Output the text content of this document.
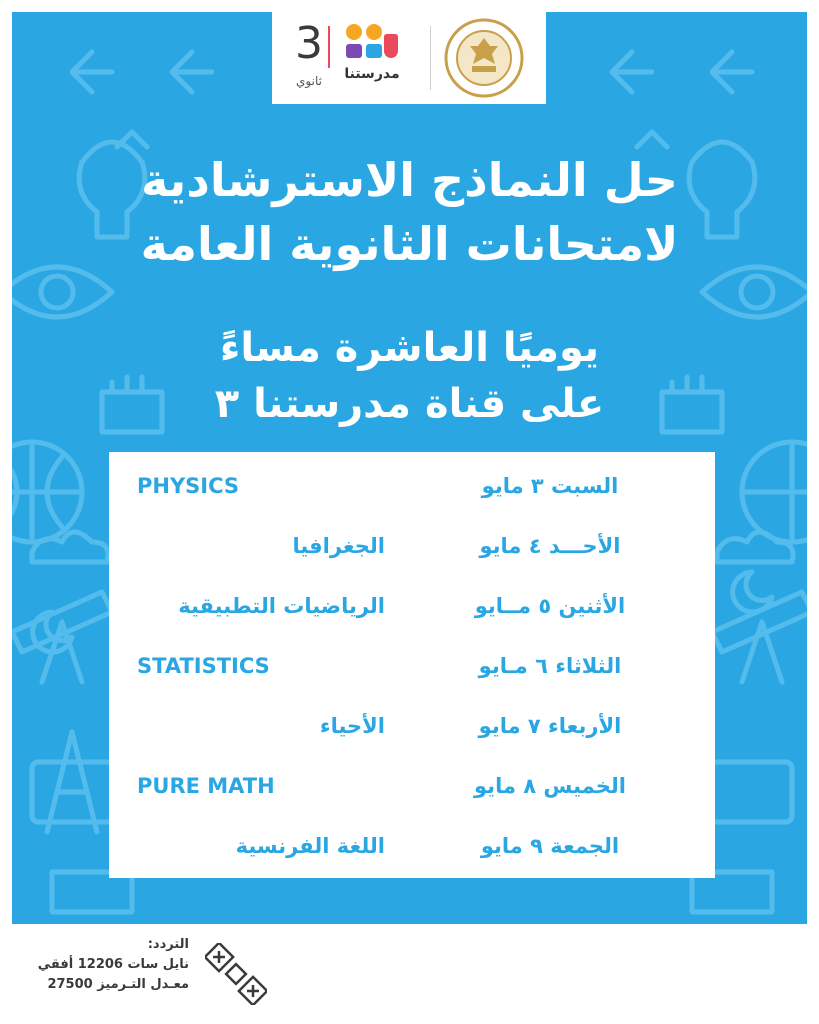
مدرستنا
3
ثانوي
حل النماذج الاسترشادية
لامتحانات الثانوية العامة
يوميًا العاشرة مساءً
على قناة مدرستنا ٣
السبت ٣ مايو
PHYSICS
الأحـــد ٤ مايو
الجغرافيا
الأثنين ٥ مــايو
الرياضيات التطبيقية
الثلاثاء ٦ مـايو
STATISTICS
الأربعاء ٧ مايو
الأحياء
الخميس ٨ مايو
PURE MATH
الجمعة ٩ مايو
اللغة الفرنسية
التردد:
نايل سات 12206 أفقي
معـدل التـرميز 27500
